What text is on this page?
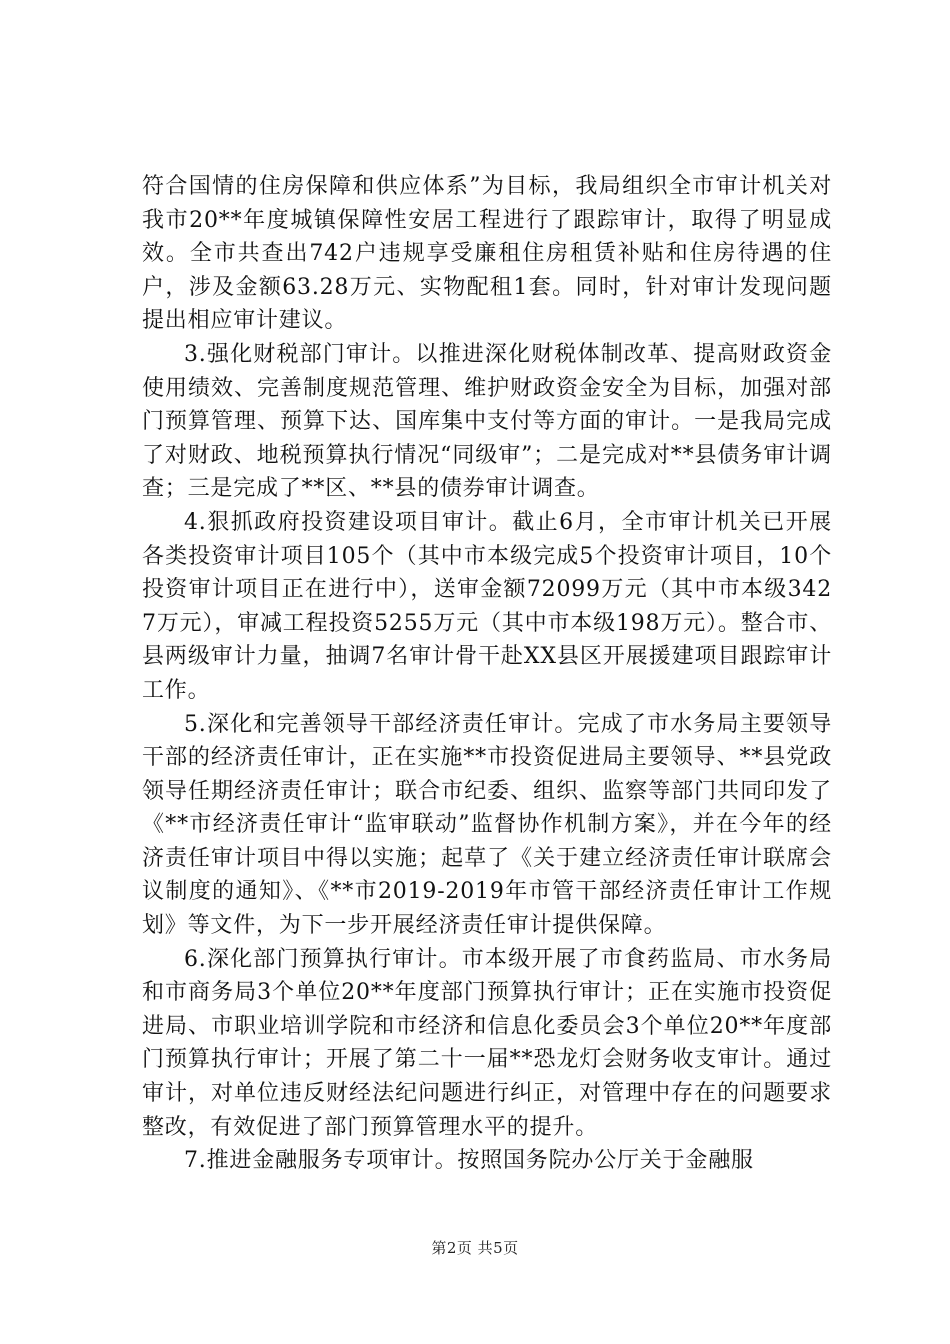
符合国情的住房保障和供应体系”为目标，我局组织全市审计机关对我市20**年度城镇保障性安居工程进行了跟踪审计，取得了明显成效。全市共查出742户违规享受廉租住房租赁补贴和住房待遇的住户，涉及金额63.28万元、实物配租1套。同时，针对审计发现问题提出相应审计建议。

3.强化财税部门审计。以推进深化财税体制改革、提高财政资金使用绩效、完善制度规范管理、维护财政资金安全为目标，加强对部门预算管理、预算下达、国库集中支付等方面的审计。一是我局完成了对财政、地税预算执行情况“同级审”；二是完成对**县债务审计调查；三是完成了**区、**县的债券审计调查。

4.狠抓政府投资建设项目审计。截止6月，全市审计机关已开展各类投资审计项目105个（其中市本级完成5个投资审计项目，10个投资审计项目正在进行中），送审金额72099万元（其中市本级3427万元），审减工程投资5255万元（其中市本级198万元）。整合市、县两级审计力量，抽调7名审计骨干赴XX县区开展援建项目跟踪审计工作。

5.深化和完善领导干部经济责任审计。完成了市水务局主要领导干部的经济责任审计，正在实施**市投资促进局主要领导、**县党政领导任期经济责任审计；联合市纪委、组织、监察等部门共同印发了《**市经济责任审计“监审联动”监督协作机制方案》，并在今年的经济责任审计项目中得以实施；起草了《关于建立经济责任审计联席会议制度的通知》、《**市2019-2019年市管干部经济责任审计工作规划》等文件，为下一步开展经济责任审计提供保障。

6.深化部门预算执行审计。市本级开展了市食药监局、市水务局和市商务局3个单位20**年度部门预算执行审计；正在实施市投资促进局、市职业培训学院和市经济和信息化委员会3个单位20**年度部门预算执行审计；开展了第二十一届**恐龙灯会财务收支审计。通过审计，对单位违反财经法纪问题进行纠正，对管理中存在的问题要求整改，有效促进了部门预算管理水平的提升。

7.推进金融服务专项审计。按照国务院办公厅关于金融服

第2页 共5页
